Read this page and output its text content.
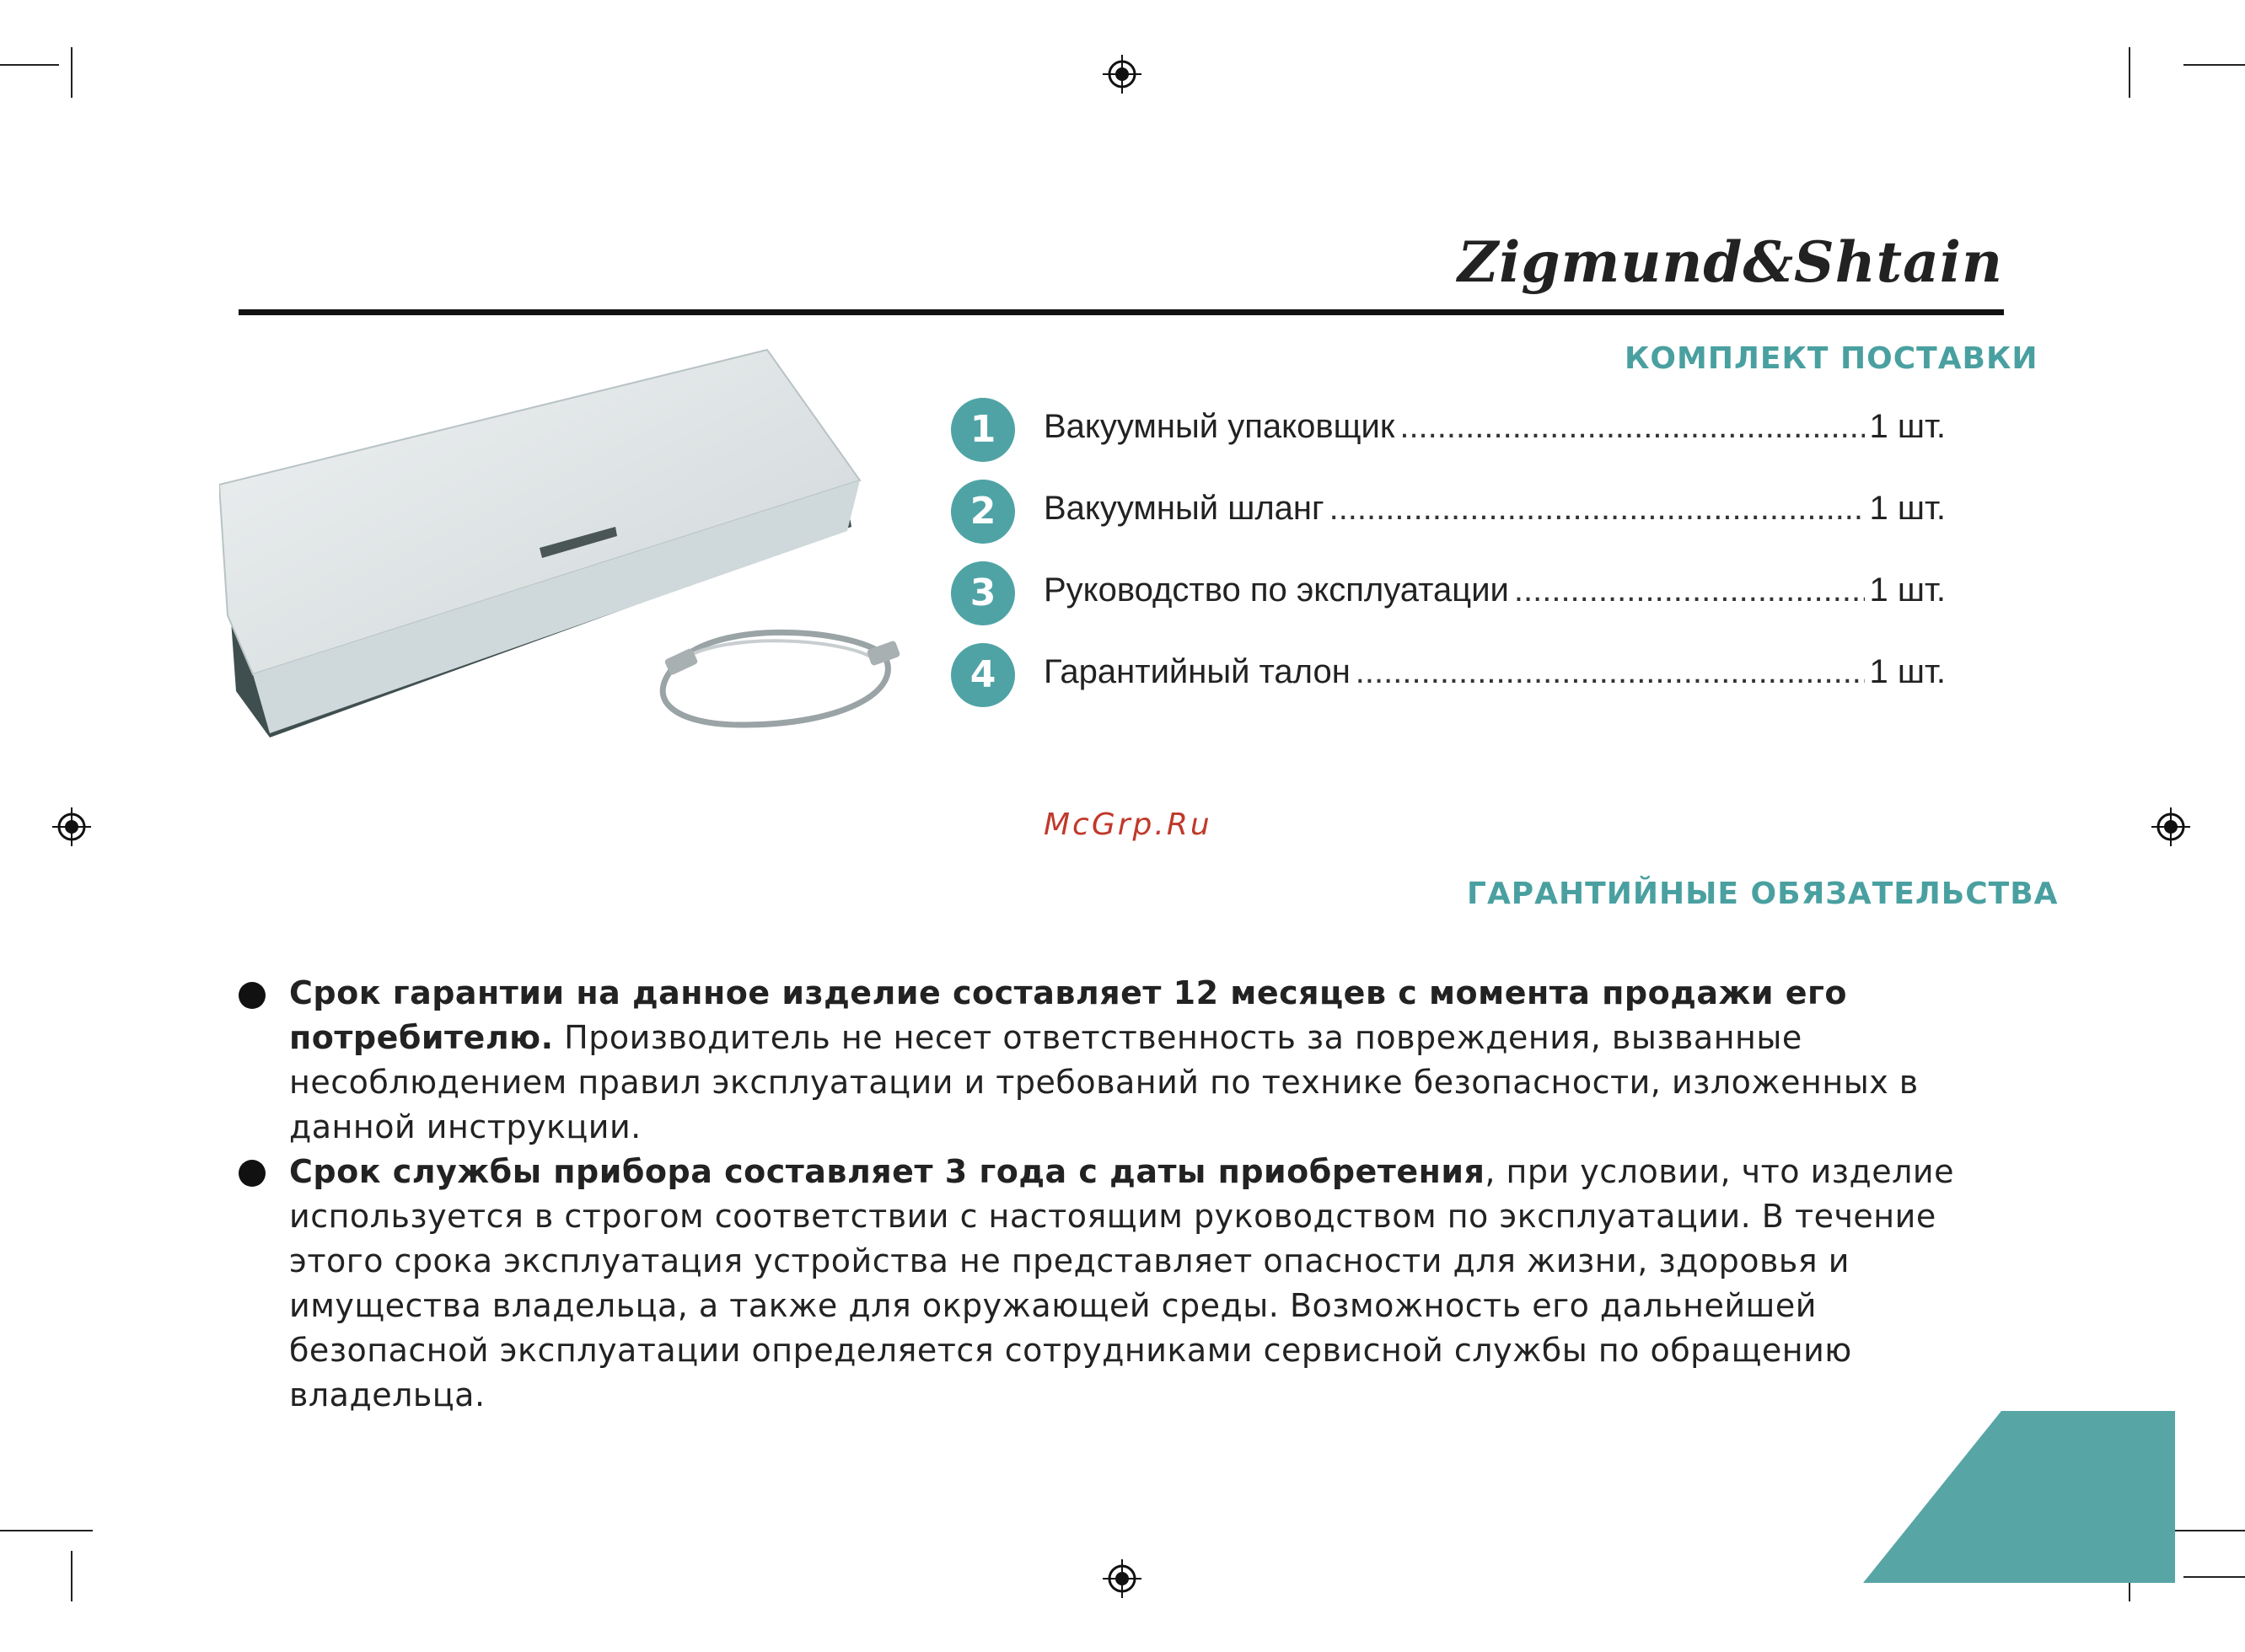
Zigmund&Shtain
КОМПЛЕКТ ПОСТАВКИ
1	Вакуумный упаковщик .....	1 шт.
2	Вакуумный шланг .....	1 шт.
3	Руководство по эксплуатации .....	1 шт.
4	Гарантийный талон .....	1 шт.
McGrp.Ru
ГАРАНТИЙНЫЕ ОБЯЗАТЕЛЬСТВА
Срок гарантии на данное изделие составляет 12 месяцев с момента продажи его потребителю. Производитель не несет ответственность за повреждения, вызванные несоблюдением правил эксплуатации и требований по технике безопасности, изложенных в данной инструкции.
Срок службы прибора составляет 3 года с даты приобретения, при условии, что изделие используется в строгом соответствии с настоящим руководством по эксплуатации. В течение этого срока эксплуатация устройства не представляет опасности для жизни, здоровья и имущества владельца, а также для окружающей среды. Возможность его дальнейшей безопасной эксплуатации определяется сотрудниками сервисной службы по обращению владельца.
